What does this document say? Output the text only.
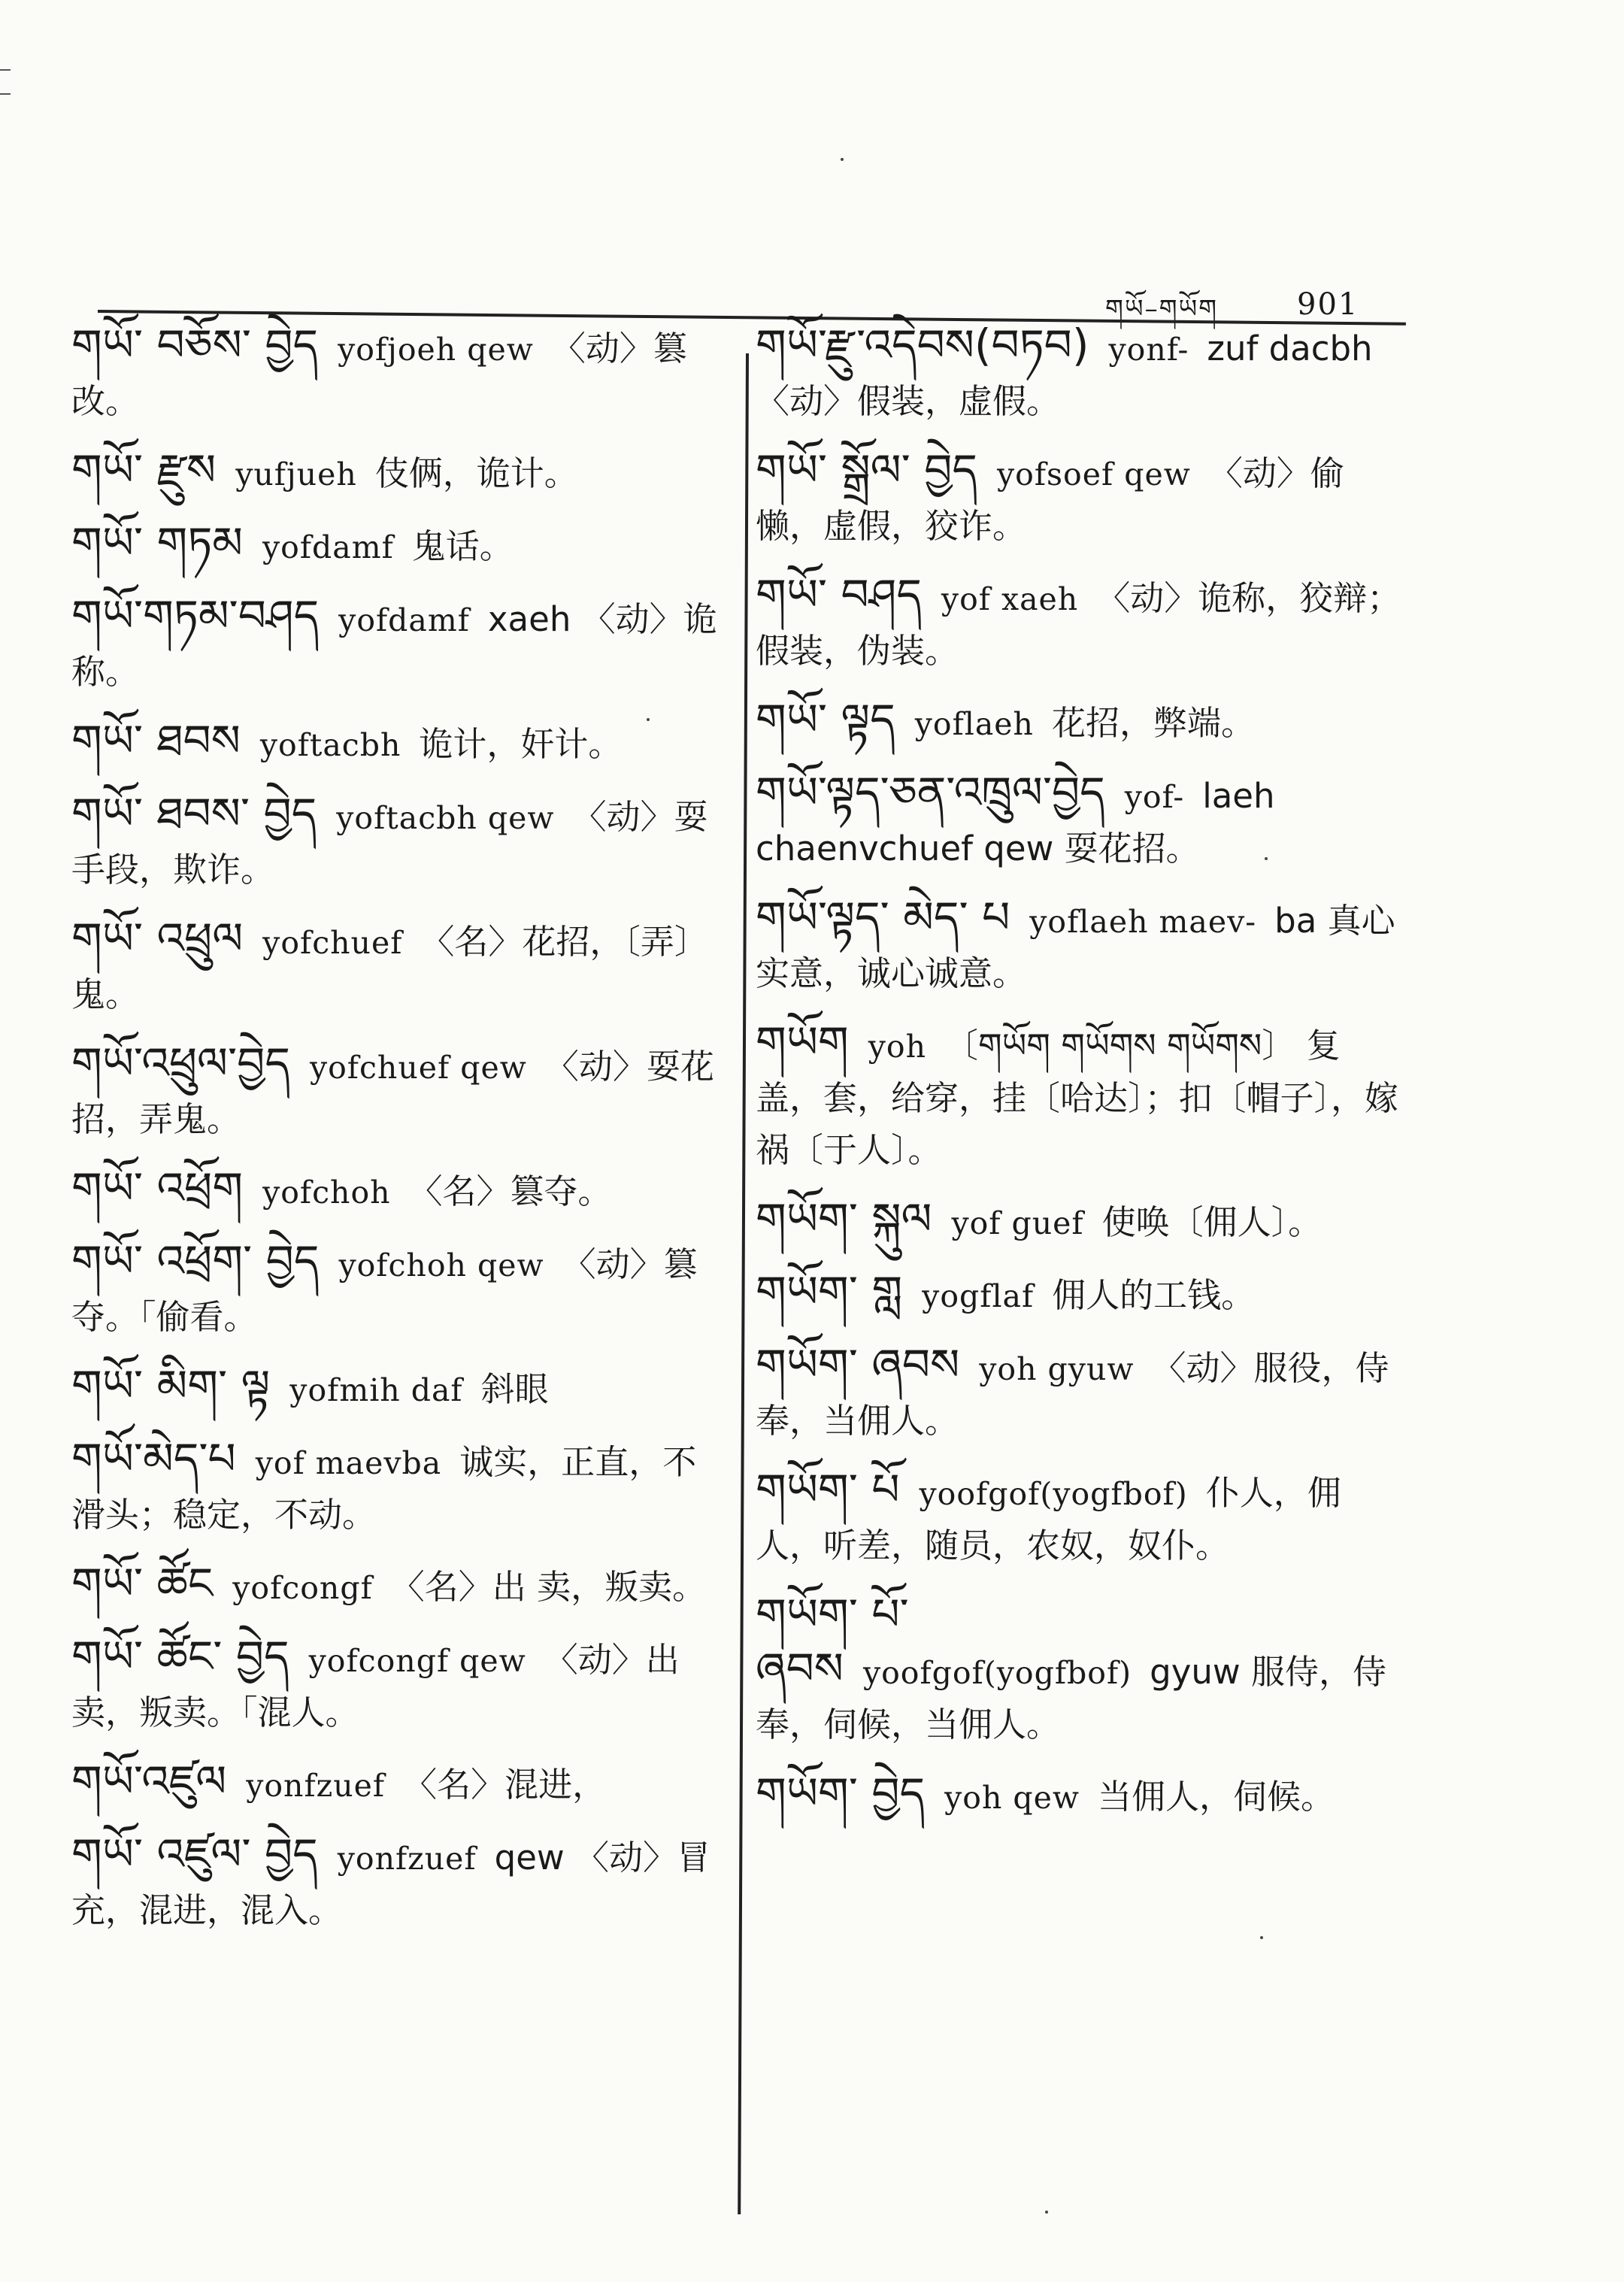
གཡོ–གཡོག	901
གཡོ་ བཅོས་ བྱེད yofjoeh qew 〈动〉篡改。
གཡོ་ རྫུས yufjueh 伎俩，诡计。
གཡོ་ གཏམ yofdamf 鬼话。
གཡོ་གཏམ་བཤད yofdamf xaeh 〈动〉诡称。
གཡོ་ ཐབས yoftacbh 诡计，奸计。
གཡོ་ ཐབས་ བྱེད yoftacbh qew 〈动〉耍手段，欺诈。
གཡོ་ འཕྲུལ yofchuef 〈名〉花招，〔弄〕鬼。
གཡོ་འཕྲུལ་བྱེད yofchuef qew 〈动〉耍花招，弄鬼。
གཡོ་ འཕྲོག yofchoh 〈名〉篡夺。
གཡོ་ འཕྲོག་ བྱེད yofchoh qew 〈动〉篡夺。「偷看。
གཡོ་ མིག་ ལྟ yofmih daf 斜眼
གཡོ་མེད་པ yof maevba 诚实，正直，不滑头；稳定，不动。
གཡོ་ ཚོང yofcongf 〈名〉出 卖，叛卖。
གཡོ་ ཚོང་ བྱེད yofcongf qew 〈动〉出卖，叛卖。「混人。
གཡོ་འཛུལ yonfzuef 〈名〉混进，
གཡོ་ འཛུལ་ བྱེད yonfzuef qew 〈动〉冒充，混进，混入。
གཡོ་རྫུ་འདེབས(བཏབ) yonf- zuf dacbh 〈动〉假装，虚假。
གཡོ་ སྒྲོལ་ བྱེད yofsoef qew 〈动〉偷懒，虚假，狡诈。
གཡོ་ བཤད yof xaeh 〈动〉诡称，狡辩；假装，伪装。
གཡོ་ ལྟད yoflaeh 花招，弊端。
གཡོ་ལྟད་ཅན་འཁྲུལ་བྱེད yof- laeh chaenvchuef qew 耍花招。
གཡོ་ལྟད་ མེད་ པ yoflaeh maev- ba 真心实意，诚心诚意。
གཡོག yoh 〔གཡོག གཡོགས གཡོགས〕 复盖，套，给穿，挂〔哈达〕；扣〔帽子〕，嫁祸〔于人〕。
གཡོག་ སྐུལ yof guef 使唤〔佣人〕。
གཡོག་ གླ yogflaf 佣人的工钱。
གཡོག་ ཞབས yoh gyuw 〈动〉服役，侍奉，当佣人。
གཡོག་ པོ yoofgof(yogfbof) 仆人，佣人，听差，随员，农奴，奴仆。
གཡོག་ པོ་ ཞབས yoofgof(yogfbof) gyuw 服侍，侍奉，伺候，当佣人。
གཡོག་ བྱེད yoh qew 当佣人，伺候。
